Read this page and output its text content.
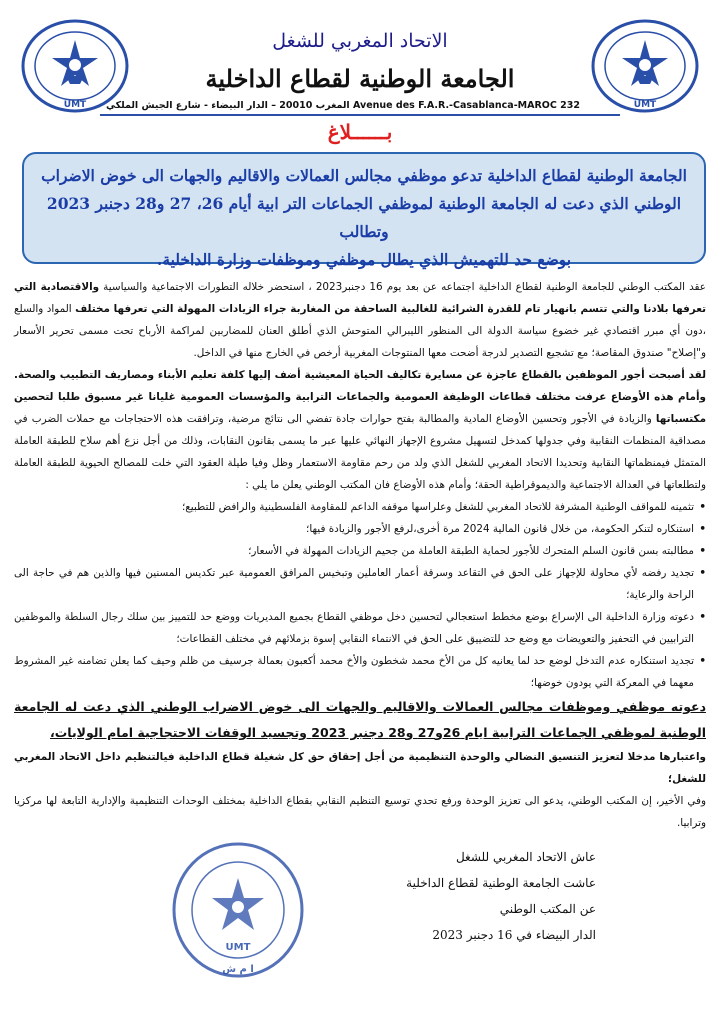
UMT	UMT
الاتحاد المغربي للشغل
الجامعة الوطنية لقطاع الداخلية
232 Avenue des F.A.R.-Casablanca-MAROC المغرب 20010 – الدار البيضاء - شارع الجيش الملكي
بــــــلاغ

الجامعة الوطنية لقطاع الداخلية تدعو موظفي مجالس العمالات والاقاليم والجهات الى خوض الاضراب

الوطني الذي دعت له الجامعة الوطنية لموظفي الجماعات التر ابية أيام 26، 27 و28 دجنبر 2023 وتطالب

بوضع حد للتهميش الذي يطال موظفي وموظفات وزارة الداخلية.

عقد المكتب الوطني للجامعة الوطنية لقطاع الداخلية اجتماعه عن بعد يوم 16 دجنبر2023 ، استحضر خلاله التطورات الاجتماعية والسياسية والاقتصادية التي تعرفها بلادنا والتي تتسم بانهيار تام للقدرة الشرائية للغالبية الساحقة من المغاربة جراء الزيادات المهولة التي تعرفها مختلف المواد والسلع ،دون أي مبرر اقتصادي غير خضوع سياسة الدولة الى المنظور الليبرالي المتوحش الذي أطلق العنان للمضاربين لمراكمة الأرباح تحت مسمى تحرير الأسعار و"إصلاح" صندوق المقاصة؛ مع تشجيع التصدير لدرجة أضحت معها المنتوجات المغربية أرخص في الخارج منها في الداخل.

لقد أصبحت أجور الموظفين بالقطاع عاجزة عن مسايرة تكاليف الحياة المعيشية أضف إليها كلفة تعليم الأبناء ومصاريف التطبيب والصحة. وأمام هذه الأوضاع عرفت مختلف قطاعات الوظيفة العمومية والجماعات الترابية والمؤسسات العمومية غليانا غير مسبوق طلبا لتحصين مكتسباتها والزيادة في الأجور وتحسين الأوضاع المادية والمطالبة بفتح حوارات جادة تفضي الى نتائج مرضية، وترافقت هذه الاحتجاجات مع حملات الضرب في مصداقية المنظمات النقابية وفي جدولها كمدخل لتسهيل مشروع الإجهاز النهائي عليها عبر ما يسمى بقانون النقابات، وذلك من أجل نزع أهم سلاح للطبقة العاملة المتمثل فيمنظماتها النقابية وتحديدا الاتحاد المغربي للشغل الذي ولد من رحم مقاومة الاستعمار وظل وفيا طيلة العقود التي خلت للمصالح الحيوية للطبقة العاملة ولتطلعاتها في العدالة الاجتماعية والديموقراطية الحقة؛ وأمام هذه الأوضاع فان المكتب الوطني يعلن ما يلي :

• تثمينه للمواقف الوطنية المشرفة للاتحاد المغربي للشغل وعلراسها موقفه الداعم للمقاومة الفلسطينية والرافض للتطبيع؛
• استنكاره لتنكر الحكومة، من خلال قانون المالية 2024 مرة أخرى،لرفع الأجور والزيادة فيها؛
• مطالبته بسن قانون السلم المتحرك للأجور لحماية الطبقة العاملة من جحيم الزيادات المهولة في الأسعار؛
• تجديد رفضه لأي محاولة للإجهاز على الحق في التقاعد وسرقة أعمار العاملين وتبخيس المرافق العمومية عبر تكديس المسنين فيها والذين هم في حاجة الى الراحة والرعاية؛
• دعوته وزارة الداخلية الى الإسراع بوضع مخطط استعجالي لتحسين دخل موظفي القطاع بجميع المديريات ووضع حد للتمييز بين سلك رجال السلطة والموظفين الترابيين في التحفيز والتعويضات مع وضع حد للتضييق على الحق في الانتماء النقابي إسوة بزملائهم في مختلف القطاعات؛
• تجديد استنكاره عدم التدخل لوضع حد لما يعانيه كل من الأخ محمد شخطون والأخ محمد أكعبون بعمالة جرسيف من ظلم وحيف كما يعلن تضامنه غير المشروط معهما في المعركة التي يودون خوضها؛

دعوته موظفي وموظفات مجالس العمالات والاقاليم والجهات الى خوض الاضراب الوطني الذي دعت له الجامعة الوطنية لموظفي الجماعات الترابية ايام 26و27 و28 دجنبر 2023 وتجسيد الوقفات الاحتجاجية امام الولايات،

واعتبارها مدخلا لتعزيز التنسيق النضالي والوحدة التنظيمية من أجل إحقاق حق كل شغيلة قطاع الداخلية فيالتنظيم داخل الاتحاد المغربي للشغل؛

وفي الأخير، إن المكتب الوطني، يدعو الى تعزيز الوحدة ورفع تحدي توسيع التنظيم النقابي بقطاع الداخلية بمختلف الوحدات التنظيمية والإدارية التابعة لها مركزيا وترابيا.

UMT
ا م ش
عاش الاتحاد المغربي للشغل
عاشت الجامعة الوطنية لقطاع الداخلية
عن المكتب الوطني
الدار البيضاء في 16 دجنبر 2023
